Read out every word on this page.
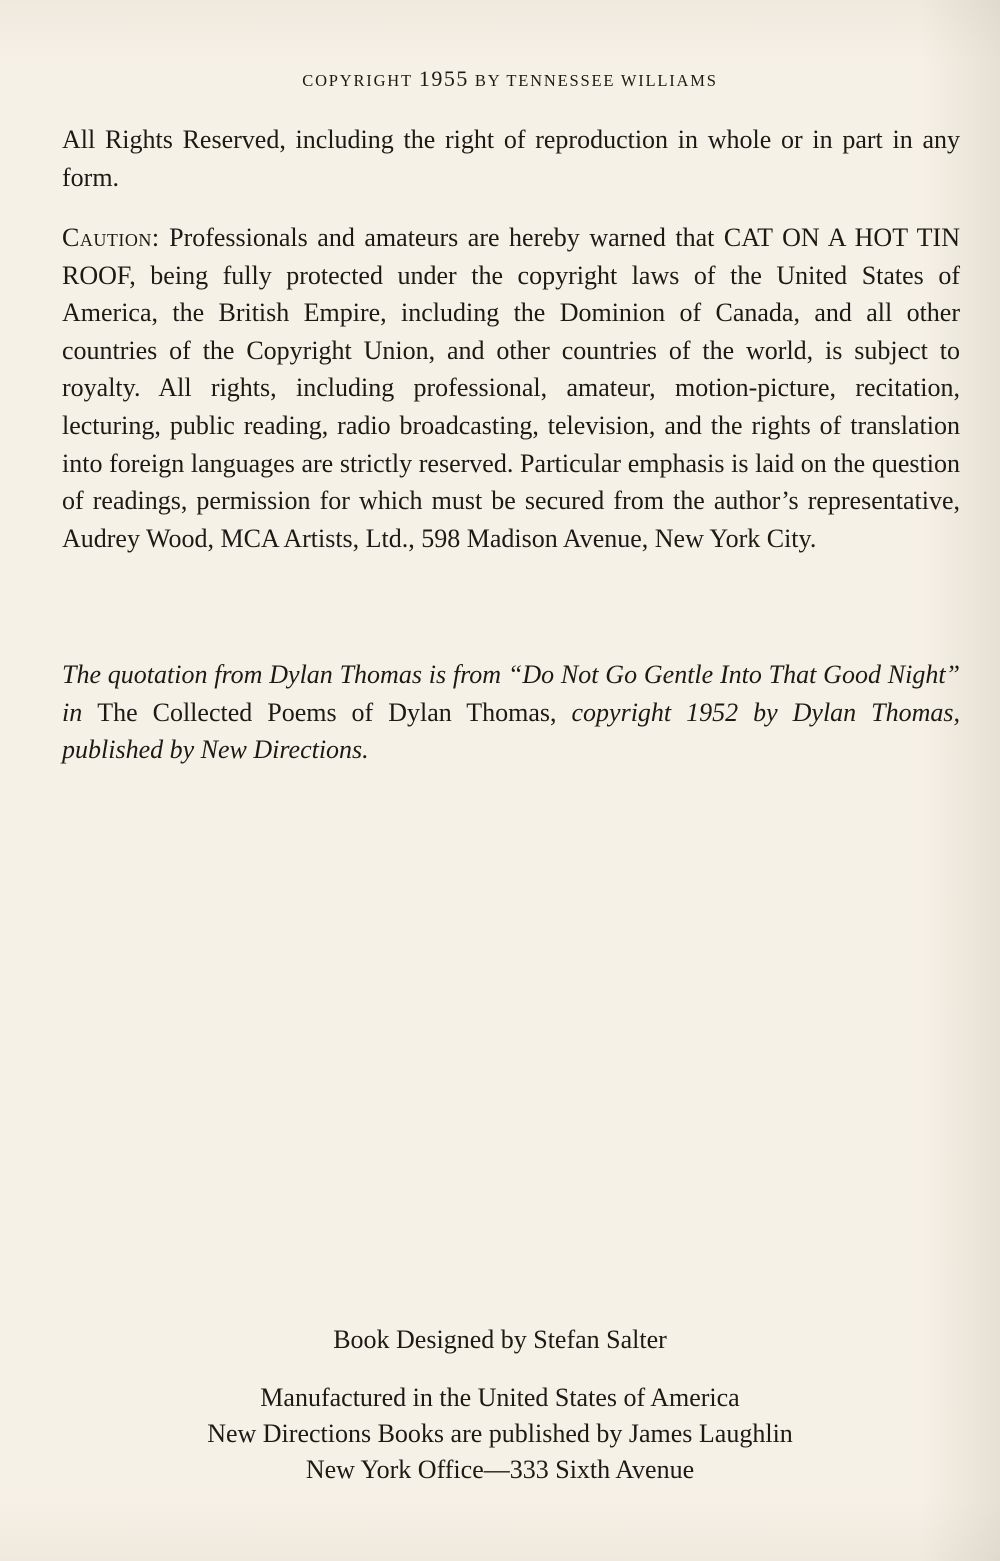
COPYRIGHT 1955 BY TENNESSEE WILLIAMS

All Rights Reserved, including the right of reproduction in whole or in part in any form.

Caution: Professionals and amateurs are hereby warned that CAT ON A HOT TIN ROOF, being fully protected under the copyright laws of the United States of America, the British Empire, including the Dominion of Canada, and all other countries of the Copyright Union, and other countries of the world, is subject to royalty. All rights, including professional, amateur, motion-picture, recitation, lecturing, public reading, radio broadcasting, television, and the rights of translation into foreign languages are strictly reserved. Particular emphasis is laid on the question of readings, permission for which must be secured from the author’s representative, Audrey Wood, MCA Artists, Ltd., 598 Madison Avenue, New York City.

The quotation from Dylan Thomas is from “Do Not Go Gentle Into That Good Night” in The Collected Poems of Dylan Thomas, copyright 1952 by Dylan Thomas, published by New Directions.

Book Designed by Stefan Salter
Manufactured in the United States of America
New Directions Books are published by James Laughlin
New York Office—333 Sixth Avenue
